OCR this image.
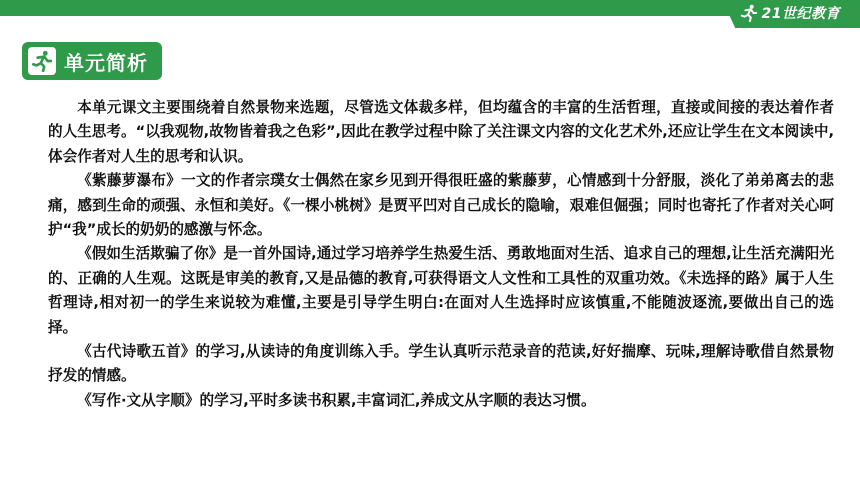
21世纪教育
单元简析

本单元课文主要围绕着自然景物来选题，尽管选文体裁多样，但均蕴含的丰富的生活哲理，直接或间接的表达着作者的人生思考。“以我观物,故物皆着我之色彩”,因此在教学过程中除了关注课文内容的文化艺术外,还应让学生在文本阅读中,体会作者对人生的思考和认识。

《紫藤萝瀑布》一文的作者宗璞女士偶然在家乡见到开得很旺盛的紫藤萝，心情感到十分舒服，淡化了弟弟离去的悲痛，感到生命的顽强、永恒和美好。《一棵小桃树》是贾平凹对自己成长的隐喻，艰难但倔强；同时也寄托了作者对关心呵护“我”成长的奶奶的感激与怀念。

《假如生活欺骗了你》是一首外国诗,通过学习培养学生热爱生活、勇敢地面对生活、追求自己的理想,让生活充满阳光的、正确的人生观。这既是审美的教育,又是品德的教育,可获得语文人文性和工具性的双重功效。《未选择的路》属于人生哲理诗,相对初一的学生来说较为难懂,主要是引导学生明白:在面对人生选择时应该慎重,不能随波逐流,要做出自己的选择。

《古代诗歌五首》的学习,从读诗的角度训练入手。学生认真听示范录音的范读,好好揣摩、玩味,理解诗歌借自然景物抒发的情感。

《写作·文从字顺》的学习,平时多读书积累,丰富词汇,养成文从字顺的表达习惯。
